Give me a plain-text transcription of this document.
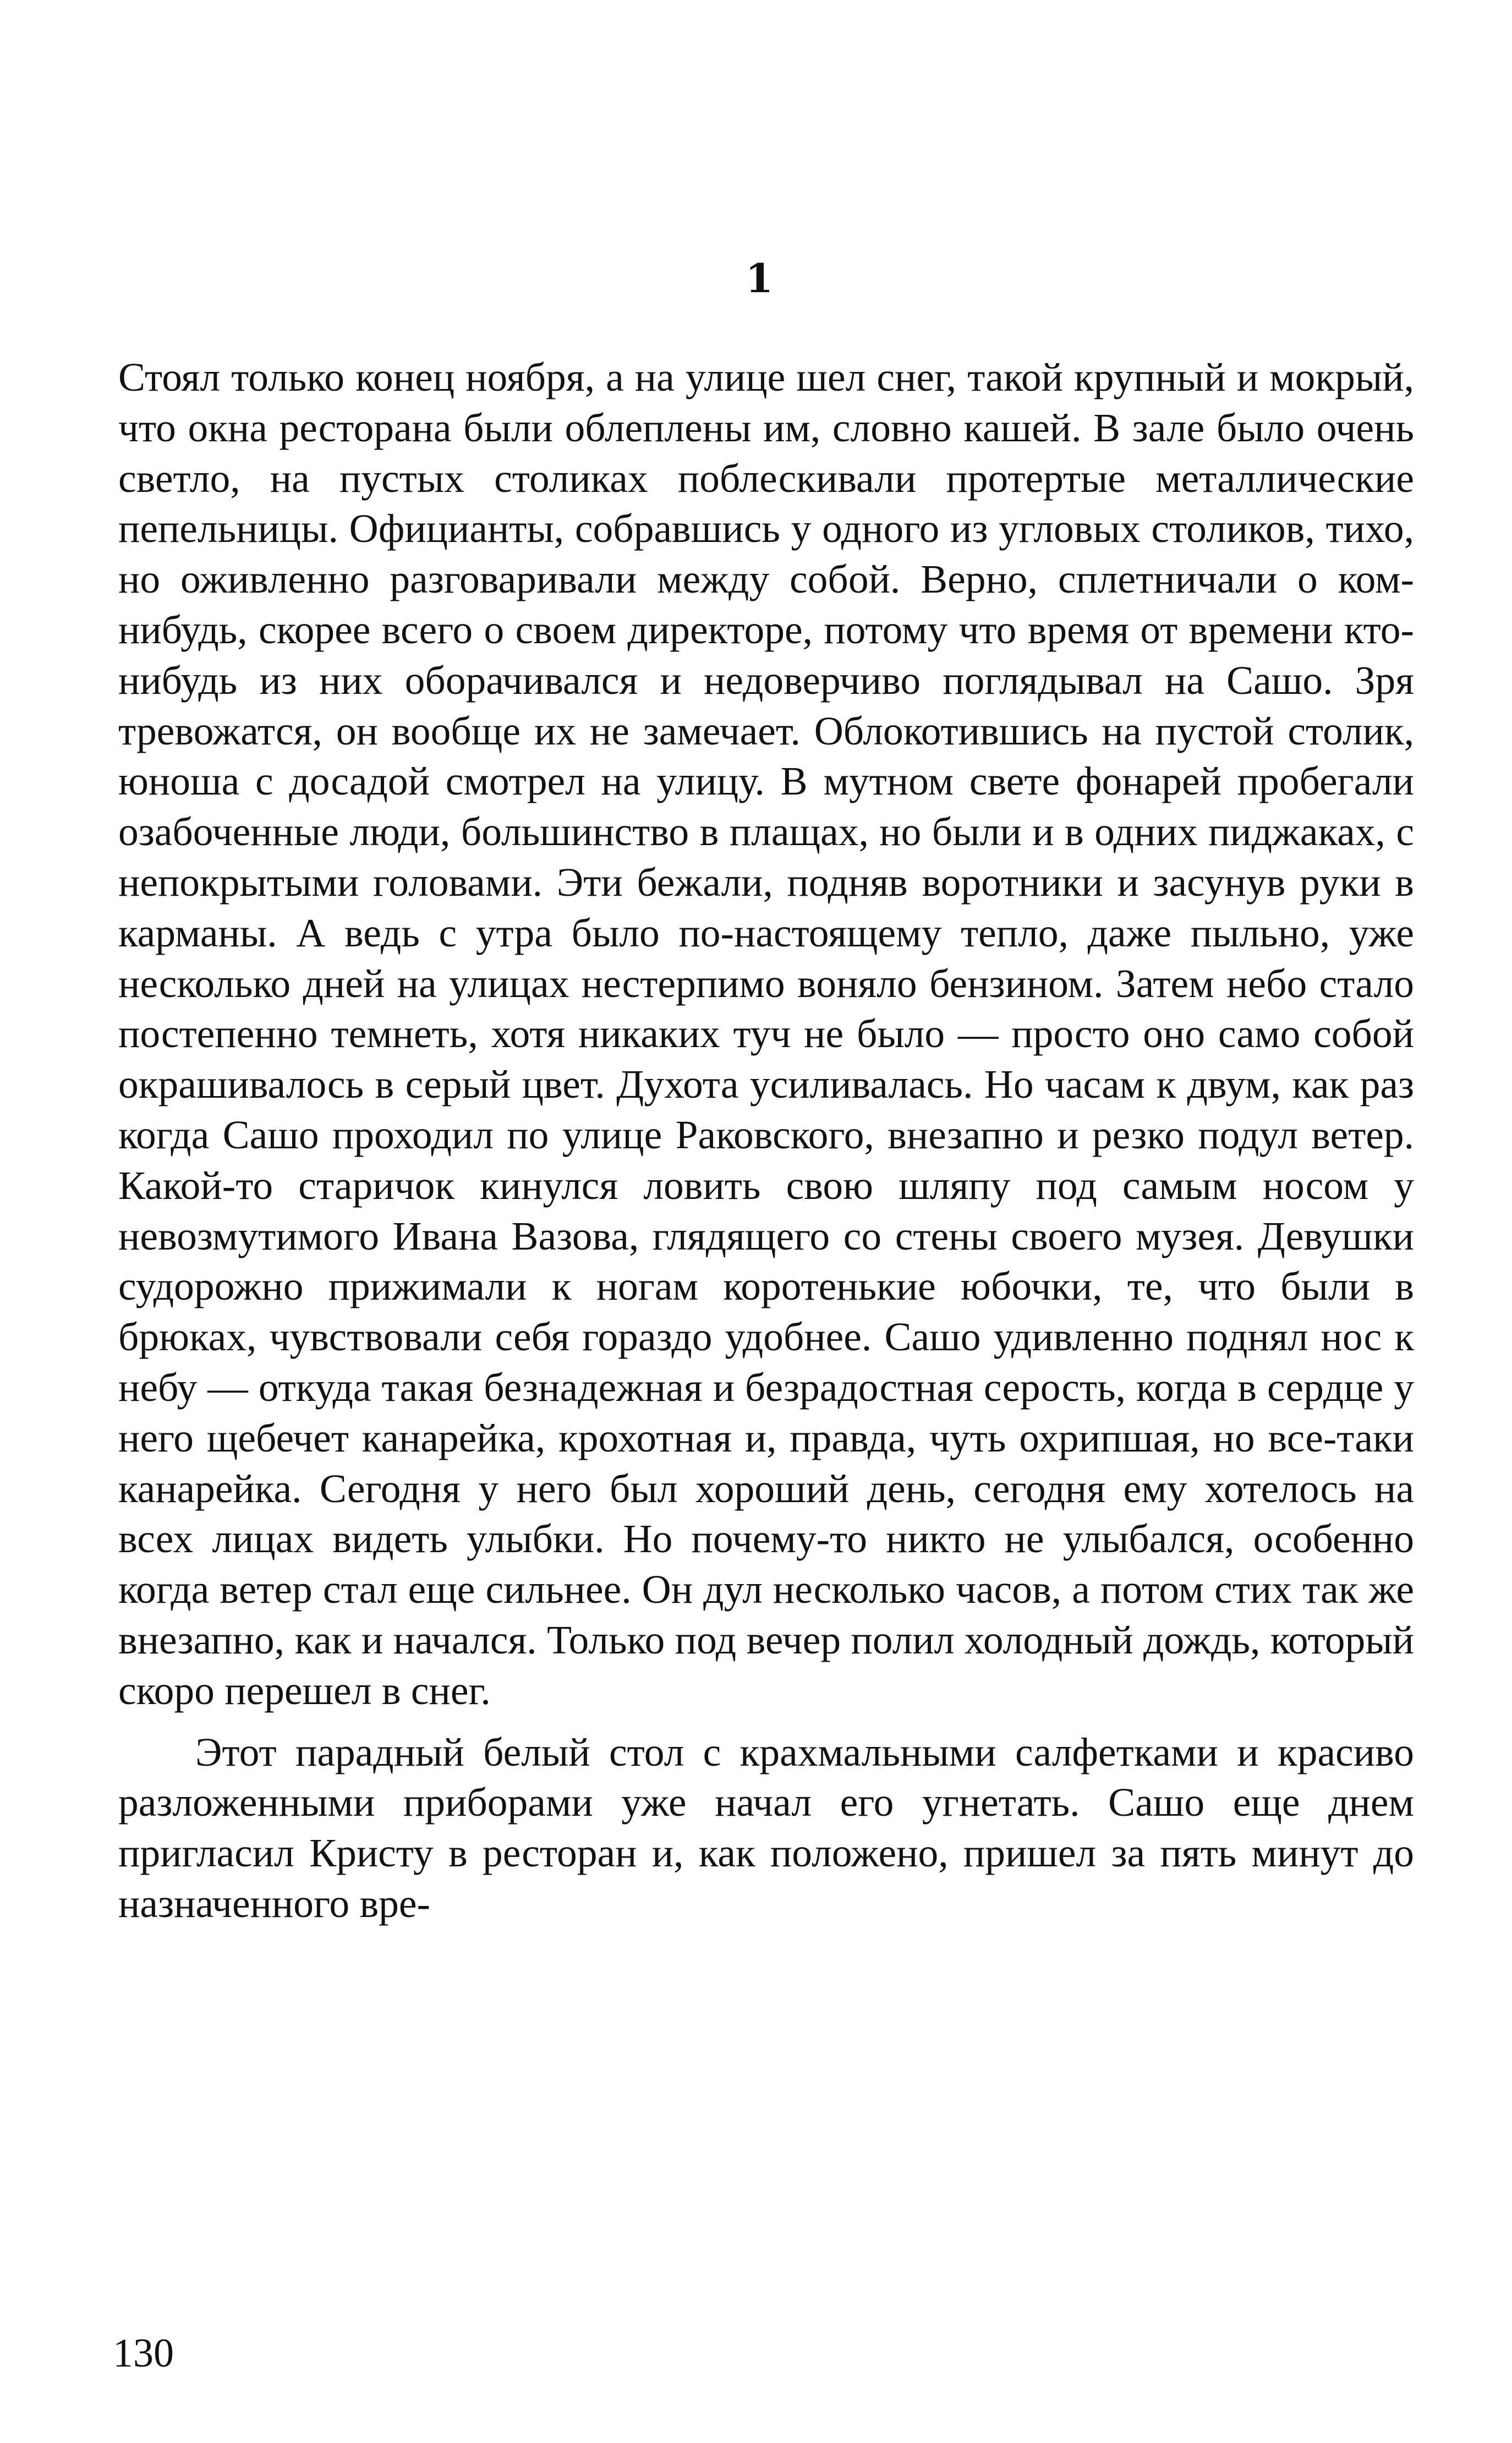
1

Стоял только конец ноября, а на улице шел снег, такой крупный и мокрый, что окна ресторана были облеплены им, словно кашей. В зале было очень светло, на пустых столиках поблескивали протертые металлические пепельницы. Официанты, собравшись у одного из угловых столиков, тихо, но оживленно разговаривали между собой. Верно, сплетничали о ком-нибудь, скорее всего о своем директоре, потому что время от времени кто-нибудь из них оборачивался и недоверчиво поглядывал на Сашо. Зря тревожатся, он вообще их не замечает. Облокотившись на пустой столик, юноша с досадой смотрел на улицу. В мутном свете фонарей пробегали озабоченные люди, большинство в плащах, но были и в одних пиджаках, с непокрытыми головами. Эти бежали, подняв воротники и засунув руки в карманы. А ведь с утра было по-настоящему тепло, даже пыльно, уже несколько дней на улицах нестерпимо воняло бензином. Затем небо стало постепенно темнеть, хотя никаких туч не было — просто оно само собой окрашивалось в серый цвет. Духота усиливалась. Но часам к двум, как раз когда Сашо проходил по улице Раковского, внезапно и резко подул ветер. Какой-то старичок кинулся ловить свою шляпу под самым носом у невозмутимого Ивана Вазова, глядящего со стены своего музея. Девушки судорожно прижимали к ногам коротенькие юбочки, те, что были в брюках, чувствовали себя гораздо удобнее. Сашо удивленно поднял нос к небу — откуда такая безнадежная и безрадостная серость, когда в сердце у него щебечет канарейка, крохотная и, правда, чуть охрипшая, но все-таки канарейка. Сегодня у него был хороший день, сегодня ему хотелось на всех лицах видеть улыбки. Но почему-то никто не улыбался, особенно когда ветер стал еще сильнее. Он дул несколько часов, а потом стих так же внезапно, как и начался. Только под вечер полил холодный дождь, который скоро перешел в снег.

Этот парадный белый стол с крахмальными салфетками и красиво разложенными приборами уже начал его угнетать. Сашо еще днем пригласил Кристу в ресторан и, как положено, пришел за пять минут до назначенного вре-

130
